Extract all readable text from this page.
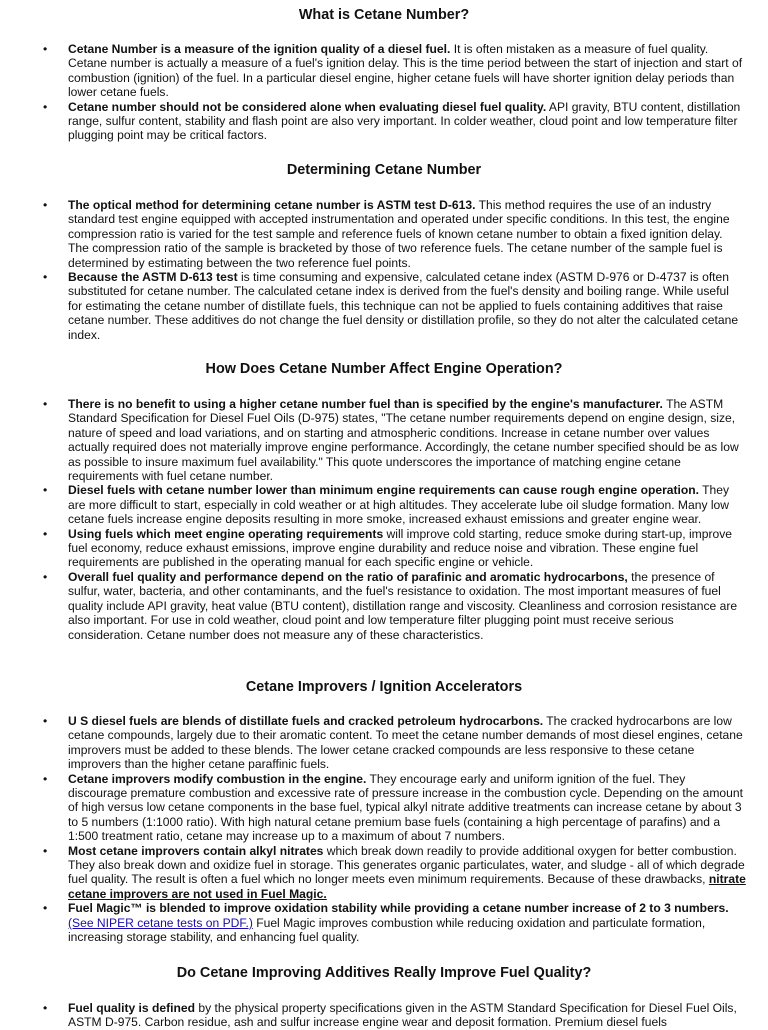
What is Cetane Number?
• Cetane Number is a measure of the ignition quality of a diesel fuel. It is often mistaken as a measure of fuel quality. Cetane number is actually a measure of a fuel's ignition delay. This is the time period between the start of injection and start of combustion (ignition) of the fuel. In a particular diesel engine, higher cetane fuels will have shorter ignition delay periods than lower cetane fuels.
• Cetane number should not be considered alone when evaluating diesel fuel quality. API gravity, BTU content, distillation range, sulfur content, stability and flash point are also very important. In colder weather, cloud point and low temperature filter plugging point may be critical factors.
Determining Cetane Number
• The optical method for determining cetane number is ASTM test D-613. This method requires the use of an industry standard test engine equipped with accepted instrumentation and operated under specific conditions. In this test, the engine compression ratio is varied for the test sample and reference fuels of known cetane number to obtain a fixed ignition delay. The compression ratio of the sample is bracketed by those of two reference fuels. The cetane number of the sample fuel is determined by estimating between the two reference fuel points.
• Because the ASTM D-613 test is time consuming and expensive, calculated cetane index (ASTM D-976 or D-4737 is often substituted for cetane number. The calculated cetane index is derived from the fuel's density and boiling range. While useful for estimating the cetane number of distillate fuels, this technique can not be applied to fuels containing additives that raise cetane number. These additives do not change the fuel density or distillation profile, so they do not alter the calculated cetane index.
How Does Cetane Number Affect Engine Operation?
• There is no benefit to using a higher cetane number fuel than is specified by the engine's manufacturer. The ASTM Standard Specification for Diesel Fuel Oils (D-975) states, "The cetane number requirements depend on engine design, size, nature of speed and load variations, and on starting and atmospheric conditions. Increase in cetane number over values actually required does not materially improve engine performance. Accordingly, the cetane number specified should be as low as possible to insure maximum fuel availability." This quote underscores the importance of matching engine cetane requirements with fuel cetane number.
• Diesel fuels with cetane number lower than minimum engine requirements can cause rough engine operation. They are more difficult to start, especially in cold weather or at high altitudes. They accelerate lube oil sludge formation. Many low cetane fuels increase engine deposits resulting in more smoke, increased exhaust emissions and greater engine wear.
• Using fuels which meet engine operating requirements will improve cold starting, reduce smoke during start-up, improve fuel economy, reduce exhaust emissions, improve engine durability and reduce noise and vibration. These engine fuel requirements are published in the operating manual for each specific engine or vehicle.
• Overall fuel quality and performance depend on the ratio of parafinic and aromatic hydrocarbons, the presence of sulfur, water, bacteria, and other contaminants, and the fuel's resistance to oxidation. The most important measures of fuel quality include API gravity, heat value (BTU content), distillation range and viscosity. Cleanliness and corrosion resistance are also important. For use in cold weather, cloud point and low temperature filter plugging point must receive serious consideration. Cetane number does not measure any of these characteristics.
Cetane Improvers / Ignition Accelerators
• U S diesel fuels are blends of distillate fuels and cracked petroleum hydrocarbons. The cracked hydrocarbons are low cetane compounds, largely due to their aromatic content. To meet the cetane number demands of most diesel engines, cetane improvers must be added to these blends. The lower cetane cracked compounds are less responsive to these cetane improvers than the higher cetane paraffinic fuels.
• Cetane improvers modify combustion in the engine. They encourage early and uniform ignition of the fuel. They discourage premature combustion and excessive rate of pressure increase in the combustion cycle. Depending on the amount of high versus low cetane components in the base fuel, typical alkyl nitrate additive treatments can increase cetane by about 3 to 5 numbers (1:1000 ratio). With high natural cetane premium base fuels (containing a high percentage of parafins) and a 1:500 treatment ratio, cetane may increase up to a maximum of about 7 numbers.
• Most cetane improvers contain alkyl nitrates which break down readily to provide additional oxygen for better combustion. They also break down and oxidize fuel in storage. This generates organic particulates, water, and sludge - all of which degrade fuel quality. The result is often a fuel which no longer meets even minimum requirements. Because of these drawbacks, nitrate cetane improvers are not used in Fuel Magic.
• Fuel Magic™ is blended to improve oxidation stability while providing a cetane number increase of 2 to 3 numbers. (See NIPER cetane tests on PDF.) Fuel Magic improves combustion while reducing oxidation and particulate formation, increasing storage stability, and enhancing fuel quality.
Do Cetane Improving Additives Really Improve Fuel Quality?
• Fuel quality is defined by the physical property specifications given in the ASTM Standard Specification for Diesel Fuel Oils, ASTM D-975. Carbon residue, ash and sulfur increase engine wear and deposit formation. Premium diesel fuels
